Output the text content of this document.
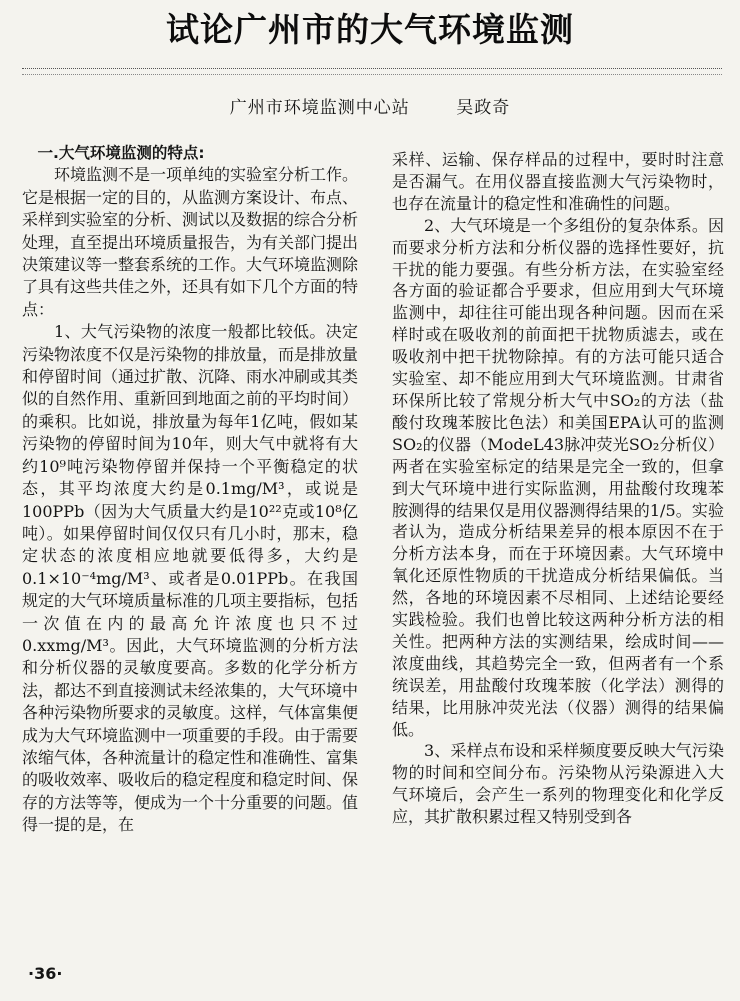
试论广州市的大气环境监测
广州市环境监测中心站	吴政奇

一.大气环境监测的特点:

环境监测不是一项单纯的实验室分析工作。它是根据一定的目的，从监测方案设计、布点、采样到实验室的分析、测试以及数据的综合分析处理，直至提出环境质量报告，为有关部门提出决策建议等一整套系统的工作。大气环境监测除了具有这些共佳之外，还具有如下几个方面的特点：

1、大气污染物的浓度一般都比较低。决定污染物浓度不仅是污染物的排放量，而是排放量和停留时间（通过扩散、沉降、雨水冲刷或其类似的自然作用、重新回到地面之前的平均时间）的乘积。比如说，排放量为每年1亿吨，假如某污染物的停留时间为10年，则大气中就将有大约10⁹吨污染物停留并保持一个平衡稳定的状态，其平均浓度大约是0.1mg/M³，或说是100PPb（因为大气质量大约是10²²克或10⁸亿吨）。如果停留时间仅仅只有几小时，那末，稳定状态的浓度相应地就要低得多，大约是0.1×10⁻⁴mg/M³、或者是0.01PPb。在我国规定的大气环境质量标准的几项主要指标，包括一次值在内的最高允许浓度也只不过0.xxmg/M³。因此，大气环境监测的分析方法和分析仪器的灵敏度要高。多数的化学分析方法，都达不到直接测试未经浓集的，大气环境中各种污染物所要求的灵敏度。这样，气体富集便成为大气环境监测中一项重要的手段。由于需要浓缩气体，各种流量计的稳定性和准确性、富集的吸收效率、吸收后的稳定程度和稳定时间、保存的方法等等，便成为一个十分重要的问题。值得一提的是，在

采样、运输、保存样品的过程中，要时时注意是否漏气。在用仪器直接监测大气污染物时，也存在流量计的稳定性和准确性的问题。

2、大气环境是一个多组份的复杂体系。因而要求分析方法和分析仪器的选择性要好，抗干扰的能力要强。有些分析方法，在实验室经各方面的验证都合乎要求，但应用到大气环境监测中，却往往可能出现各种问题。因而在采样时或在吸收剂的前面把干扰物质滤去，或在吸收剂中把干扰物除掉。有的方法可能只适合实验室、却不能应用到大气环境监测。甘肃省环保所比较了常规分析大气中SO₂的方法（盐酸付玫瑰苯胺比色法）和美国EPA认可的监测SO₂的仪器（ModeL43脉冲荧光SO₂分析仪）两者在实验室标定的结果是完全一致的，但拿到大气环境中进行实际监测，用盐酸付玫瑰苯胺测得的结果仅是用仪器测得结果的1/5。实验者认为，造成分析结果差异的根本原因不在于分析方法本身，而在于环境因素。大气环境中氧化还原性物质的干扰造成分析结果偏低。当然，各地的环境因素不尽相同、上述结论要经实践检验。我们也曾比较这两种分析方法的相关性。把两种方法的实测结果，绘成时间——浓度曲线，其趋势完全一致，但两者有一个系统误差，用盐酸付玫瑰苯胺（化学法）测得的结果，比用脉冲荧光法（仪器）测得的结果偏低。

3、采样点布设和采样频度要反映大气污染物的时间和空间分布。污染物从污染源进入大气环境后，会产生一系列的物理变化和化学反应，其扩散积累过程又特别受到各

·36·
